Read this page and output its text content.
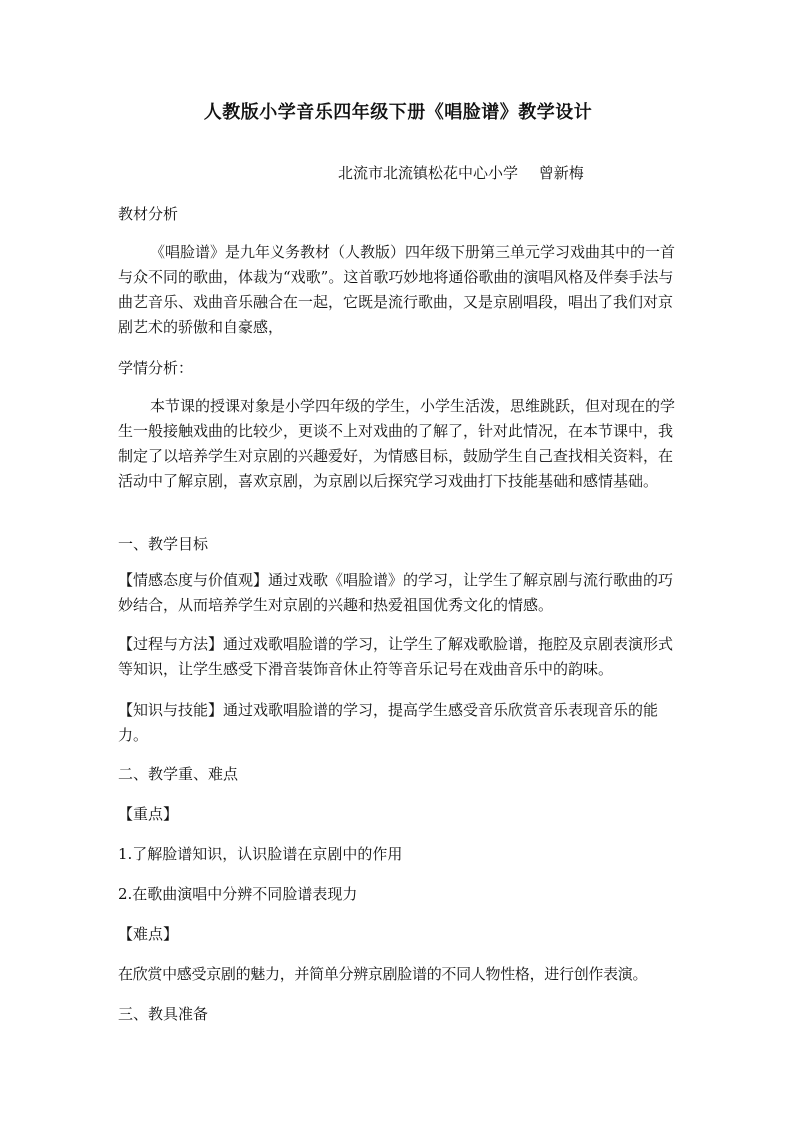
人教版小学音乐四年级下册《唱脸谱》教学设计
北流市北流镇松花中心小学 曾新梅

教材分析

《唱脸谱》是九年义务教材（人教版）四年级下册第三单元学习戏曲其中的一首与众不同的歌曲，体裁为“戏歌”。这首歌巧妙地将通俗歌曲的演唱风格及伴奏手法与曲艺音乐、戏曲音乐融合在一起，它既是流行歌曲，又是京剧唱段，唱出了我们对京剧艺术的骄傲和自豪感，

学情分析：

本节课的授课对象是小学四年级的学生，小学生活泼，思维跳跃，但对现在的学生一般接触戏曲的比较少，更谈不上对戏曲的了解了，针对此情况，在本节课中，我制定了以培养学生对京剧的兴趣爱好，为情感目标，鼓励学生自己查找相关资料，在活动中了解京剧，喜欢京剧，为京剧以后探究学习戏曲打下技能基础和感情基础。

一、教学目标

【情感态度与价值观】通过戏歌《唱脸谱》的学习，让学生了解京剧与流行歌曲的巧妙结合，从而培养学生对京剧的兴趣和热爱祖国优秀文化的情感。

【过程与方法】通过戏歌唱脸谱的学习，让学生了解戏歌脸谱，拖腔及京剧表演形式等知识，让学生感受下滑音装饰音休止符等音乐记号在戏曲音乐中的韵味。

【知识与技能】通过戏歌唱脸谱的学习，提高学生感受音乐欣赏音乐表现音乐的能力。

二、教学重、难点

【重点】

1.了解脸谱知识，认识脸谱在京剧中的作用

2.在歌曲演唱中分辨不同脸谱表现力

【难点】

在欣赏中感受京剧的魅力，并简单分辨京剧脸谱的不同人物性格，进行创作表演。

三、教具准备
